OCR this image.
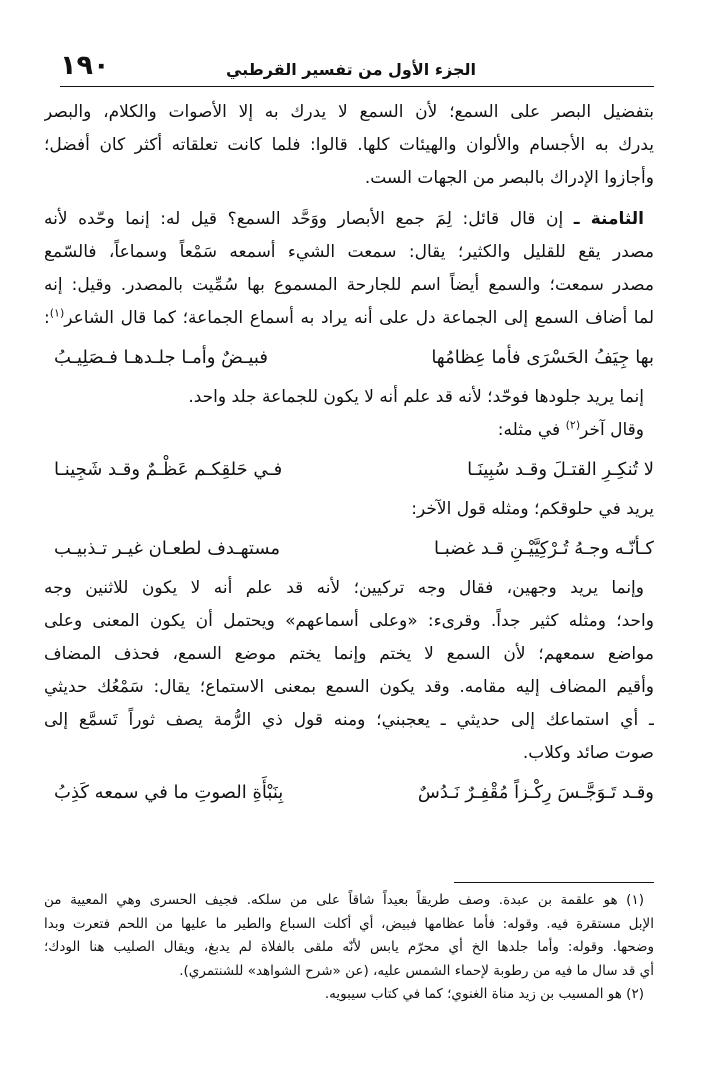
١٩٠	الجزء الأول من تفسير القرطبي
بتفضيل البصر على السمع؛ لأن السمع لا يدرك به إلا الأصوات والكلام، والبصر
يدرك به الأجسام والألوان والهيئات كلها. قالوا: فلما كانت تعلقاته أكثر كان أفضل؛
وأجازوا الإدراك بالبصر من الجهات الست.
الثامنة ـ إن قال قائل: لِمَ جمع الأبصار ووَحَّد السمع؟ قيل له: إنما وحّده لأنه
مصدر يقع للقليل والكثير؛ يقال: سمعت الشيء أسمعه سَمْعاً وسماعاً، فالسّمع
مصدر سمعت؛ والسمع أيضاً اسم للجارحة المسموع بها سُمِّيت بالمصدر. وقيل: إنه
لما أضاف السمع إلى الجماعة دل على أنه يراد به أسماع الجماعة؛ كما قال الشاعر$^{(١)}$:
بها جِيَفُ الحَسْرَى فأما عِظامُها
فبيـضٌ وأمـا جلـدهـا فـصَلِيـبُ
إنما يريد جلودها فوحّد؛ لأنه قد علم أنه لا يكون للجماعة جلد واحد.
وقال آخر$^{(٢)}$ في مثله:
لا تُنكِـرِ القتـلَ وقـد سُبِينَـا
فـي حَلقِكـم عَظْـمٌ وقـد شَجِينـا
يريد في حلوقكم؛ ومثله قول الآخر:
كـأنّـه وجـهُ تُـرْكِيَّيْـنِ قـد غضبـا
مستهـدف لطعـان غيـر تـذبيـب
وإنما يريد وجهين، فقال وجه تركيين؛ لأنه قد علم أنه لا يكون للاثنين وجه
واحد؛ ومثله كثير جداً. وقرىء: «وعلى أسماعهم» ويحتمل أن يكون المعنى وعلى
مواضع سمعهم؛ لأن السمع لا يختم وإنما يختم موضع السمع، فحذف المضاف
وأقيم المضاف إليه مقامه. وقد يكون السمع بمعنى الاستماع؛ يقال: سَمْعُك حديثي
ـ أي استماعك إلى حديثي ـ يعجبني؛ ومنه قول ذي الرُّمة يصف ثوراً تَسمَّع إلى
صوت صائد وكلاب.
وقـد تَـوَجَّـسَ رِكْـزاً مُقْفِـرٌ نَـدُسٌ
بِنَبْأَةِ الصوتِ ما في سمعه كَذِبُ
(١) هو علقمة بن عبدة. وصف طريقاً بعيداً شاقاً على من سلكه. فجيف الحسرى وهي المعيية من
الإبل مستقرة فيه. وقوله: فأما عظامها فبيض، أي أكلت السباع والطير ما عليها من اللحم فتعرت وبدا
وضحها. وقوله: وأما جلدها الخ أي محرّم يابس لأنّه ملقى بالفلاة لم يدبغ، ويقال الصليب هنا الودك؛
أي قد سال ما فيه من رطوبة لإحماء الشمس عليه، (عن «شرح الشواهد» للشنتمري).
(٢) هو المسيب بن زيد مناة الغنوي؛ كما في كتاب سيبويه.
